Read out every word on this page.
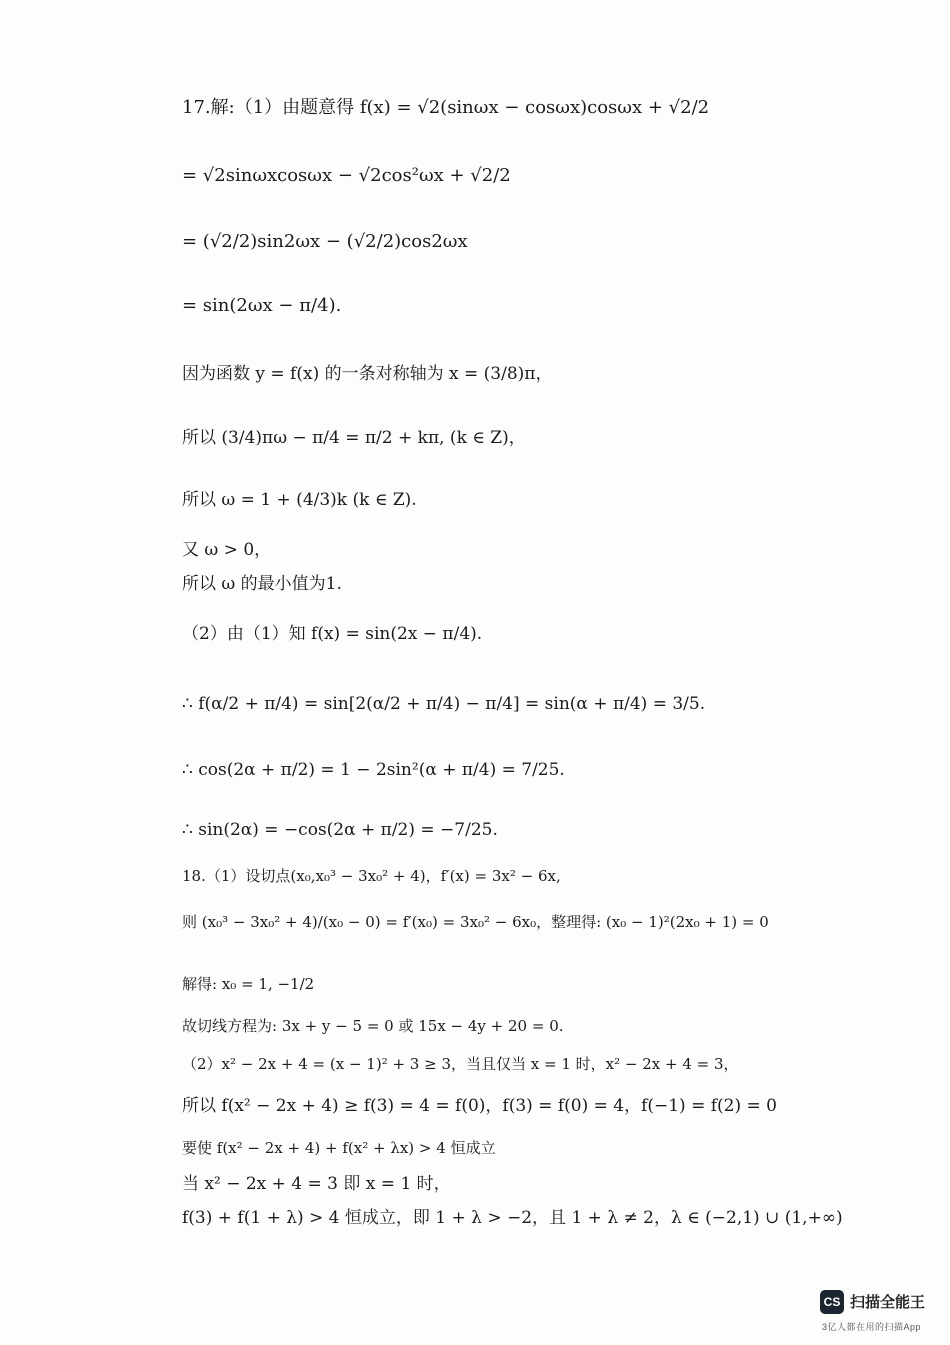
17.解:（1）由题意得 f(x) = √2(sinωx − cosωx)cosωx + √2/2
= √2sinωxcosωx − √2cos²ωx + √2/2
= (√2/2)sin2ωx − (√2/2)cos2ωx
= sin(2ωx − π/4).
因为函数 y = f(x) 的一条对称轴为 x = (3/8)π，
所以 (3/4)πω − π/4 = π/2 + kπ, (k ∈ Z)，
所以 ω = 1 + (4/3)k (k ∈ Z).
又 ω > 0，
所以 ω 的最小值为1.
（2）由（1）知 f(x) = sin(2x − π/4).
∴ f(α/2 + π/4) = sin[2(α/2 + π/4) − π/4] = sin(α + π/4) = 3/5.
∴ cos(2α + π/2) = 1 − 2sin²(α + π/4) = 7/25.
∴ sin(2α) = −cos(2α + π/2) = −7/25.
18.（1）设切点(x₀,x₀³ − 3x₀² + 4)，f′(x) = 3x² − 6x,
则 (x₀³ − 3x₀² + 4)/(x₀ − 0) = f′(x₀) = 3x₀² − 6x₀，整理得: (x₀ − 1)²(2x₀ + 1) = 0
解得: x₀ = 1, −1/2
故切线方程为: 3x + y − 5 = 0 或 15x − 4y + 20 = 0.
（2）x² − 2x + 4 = (x − 1)² + 3 ≥ 3，当且仅当 x = 1 时，x² − 2x + 4 = 3，
所以 f(x² − 2x + 4) ≥ f(3) = 4 = f(0)，f(3) = f(0) = 4，f(−1) = f(2) = 0
要使 f(x² − 2x + 4) + f(x² + λx) > 4 恒成立
当 x² − 2x + 4 = 3 即 x = 1 时，
f(3) + f(1 + λ) > 4 恒成立，即 1 + λ > −2，且 1 + λ ≠ 2，λ ∈ (−2,1) ∪ (1,+∞)
CS 扫描全能王
3亿人都在用的扫描App
